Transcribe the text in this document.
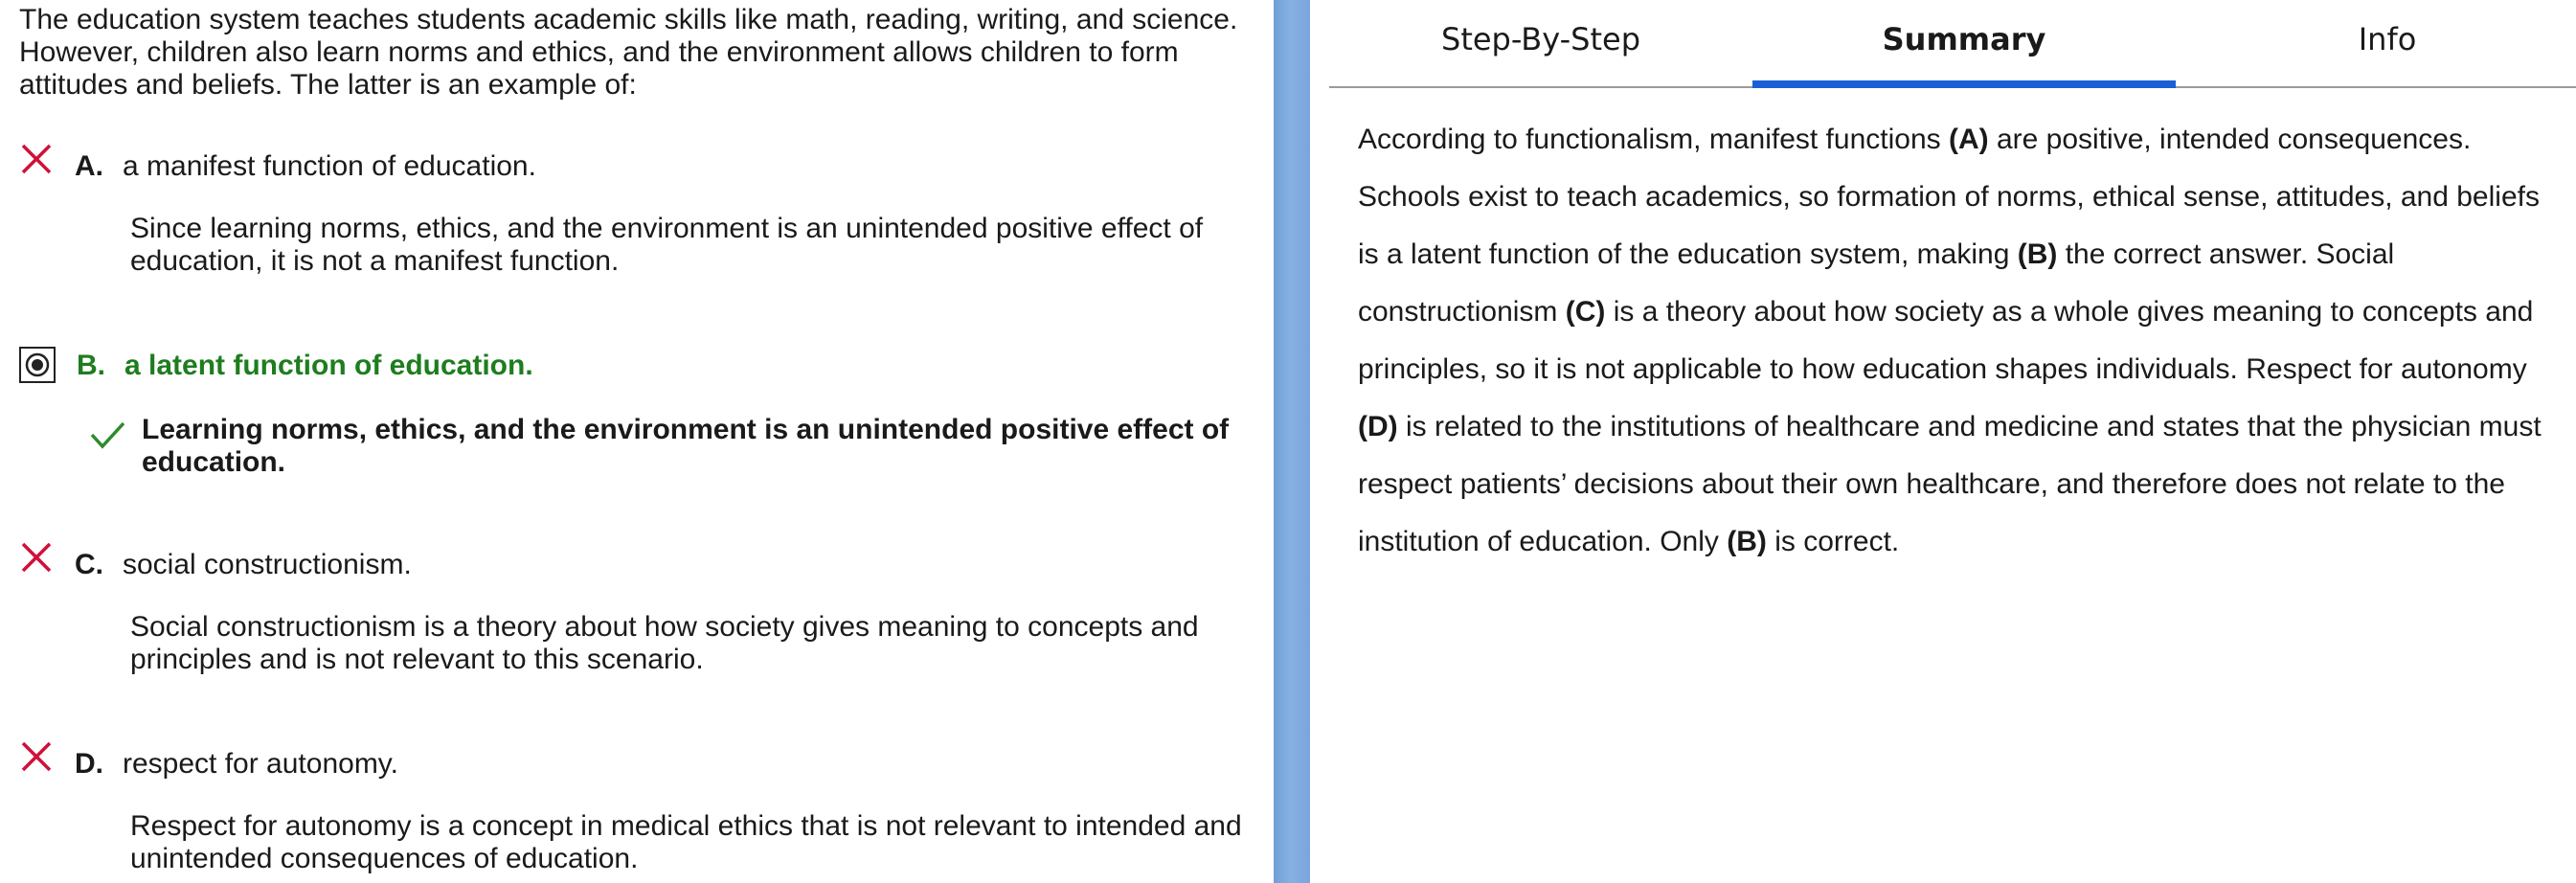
The education system teaches students academic skills like math, reading, writing, and science. However, children also learn norms and ethics, and the environment allows children to form attitudes and beliefs. The latter is an example of:

A. a manifest function of education.
Since learning norms, ethics, and the environment is an unintended positive effect of education, it is not a manifest function.
B. a latent function of education.
Learning norms, ethics, and the environment is an unintended positive effect of education.
C. social constructionism.
Social constructionism is a theory about how society gives meaning to concepts and principles and is not relevant to this scenario.
D. respect for autonomy.
Respect for autonomy is a concept in medical ethics that is not relevant to intended and unintended consequences of education.
Step-By-Step	Summary	Info

According to functionalism, manifest functions (A) are positive, intended consequences. Schools exist to teach academics, so formation of norms, ethical sense, attitudes, and beliefs is a latent function of the education system, making (B) the correct answer. Social constructionism (C) is a theory about how society as a whole gives meaning to concepts and principles, so it is not applicable to how education shapes individuals. Respect for autonomy (D) is related to the institutions of healthcare and medicine and states that the physician must respect patients’ decisions about their own healthcare, and therefore does not relate to the institution of education. Only (B) is correct.
